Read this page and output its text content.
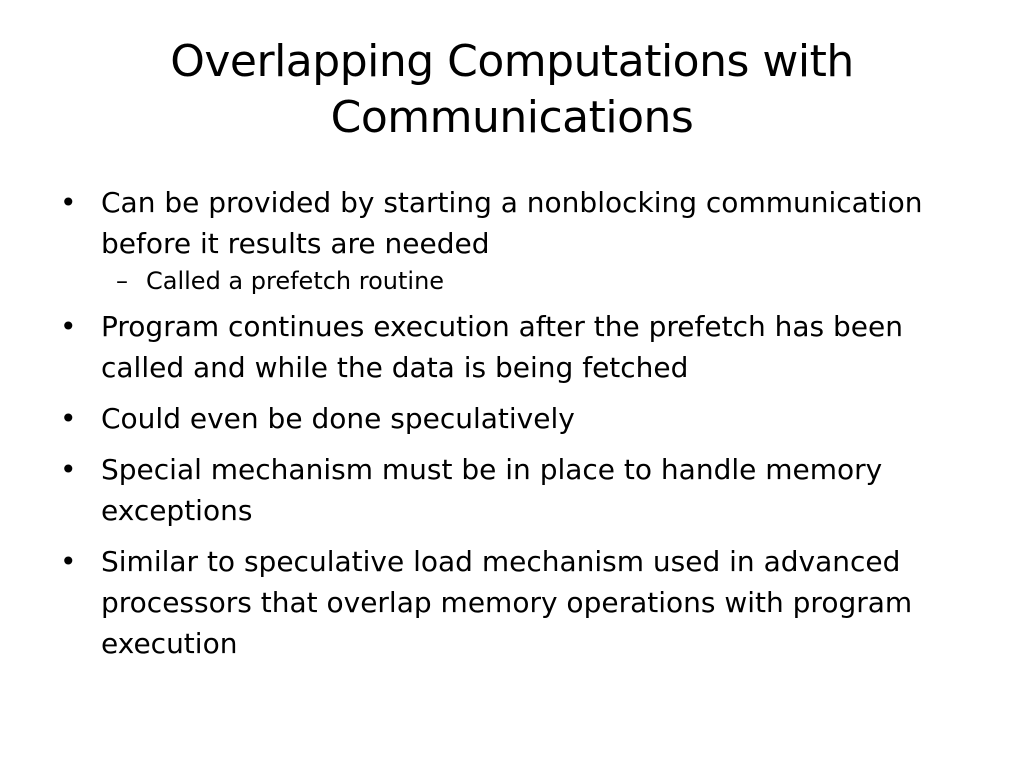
Overlapping Computations with
Communications
• Can be provided by starting a nonblocking communication before it results are needed
– Called a prefetch routine
• Program continues execution after the prefetch has been called and while the data is being fetched
• Could even be done speculatively
• Special mechanism must be in place to handle memory exceptions
• Similar to speculative load mechanism used in advanced processors that overlap memory operations with program execution
